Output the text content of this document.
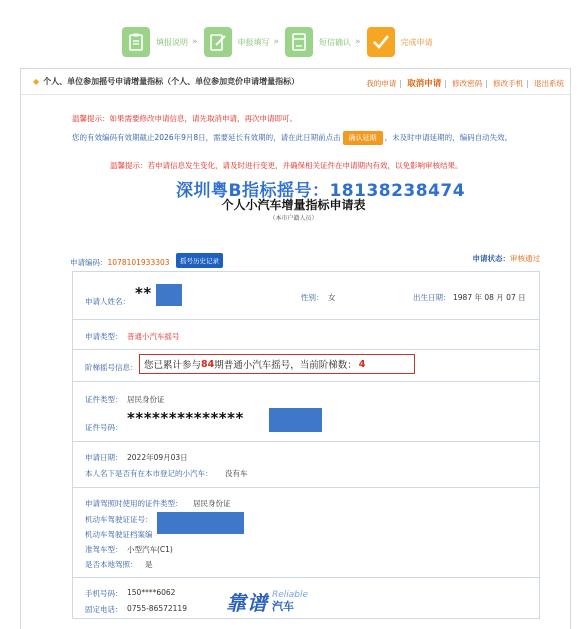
填报说明 »	申报填写 »	短信确认 »	完成申请
◆ 个人、单位参加摇号申请增量指标（个人、单位参加竞价申请增量指标）	我的申请 | 取消申请 | 修改密码 | 修改手机 | 退出系统
温馨提示：如果需要修改申请信息，请先取消申请，再次申请即可。
您的有效编码有效期截止2026年9月8日，需要延长有效期的，请在此日期前点击 确认延期 ，未及时申请延期的，编码自动失效。
温馨提示：若申请信息发生变化，请及时进行变更，并确保相关证件在申请期内有效，以免影响审核结果。
深圳粤B指标摇号：18138238474
个人小汽车增量指标申请表
（本市户籍人员）
申请编码：1078101933303	摇号历史记录	申请状态：审核通过
申请人姓名： **	性别： 女	出生日期： 1987 年 08 月 07 日
申请类型： 普通小汽车摇号
阶梯摇号信息： 您已累计参与 84 期普通小汽车摇号，当前阶梯数： 4
证件类型： 居民身份证
证件号码：
**************
申请日期： 2022年09月03日
本人名下是否有在本市登记的小汽车： 没有车
申请驾照时使用的证件类型： 居民身份证
机动车驾驶证证号：
机动车驾驶证档案编
准驾车型： 小型汽车(C1)
是否本地驾照： 是
手机号码： 150****6062
固定电话： 0755-86572119 靠谱 Reliable
汽车
